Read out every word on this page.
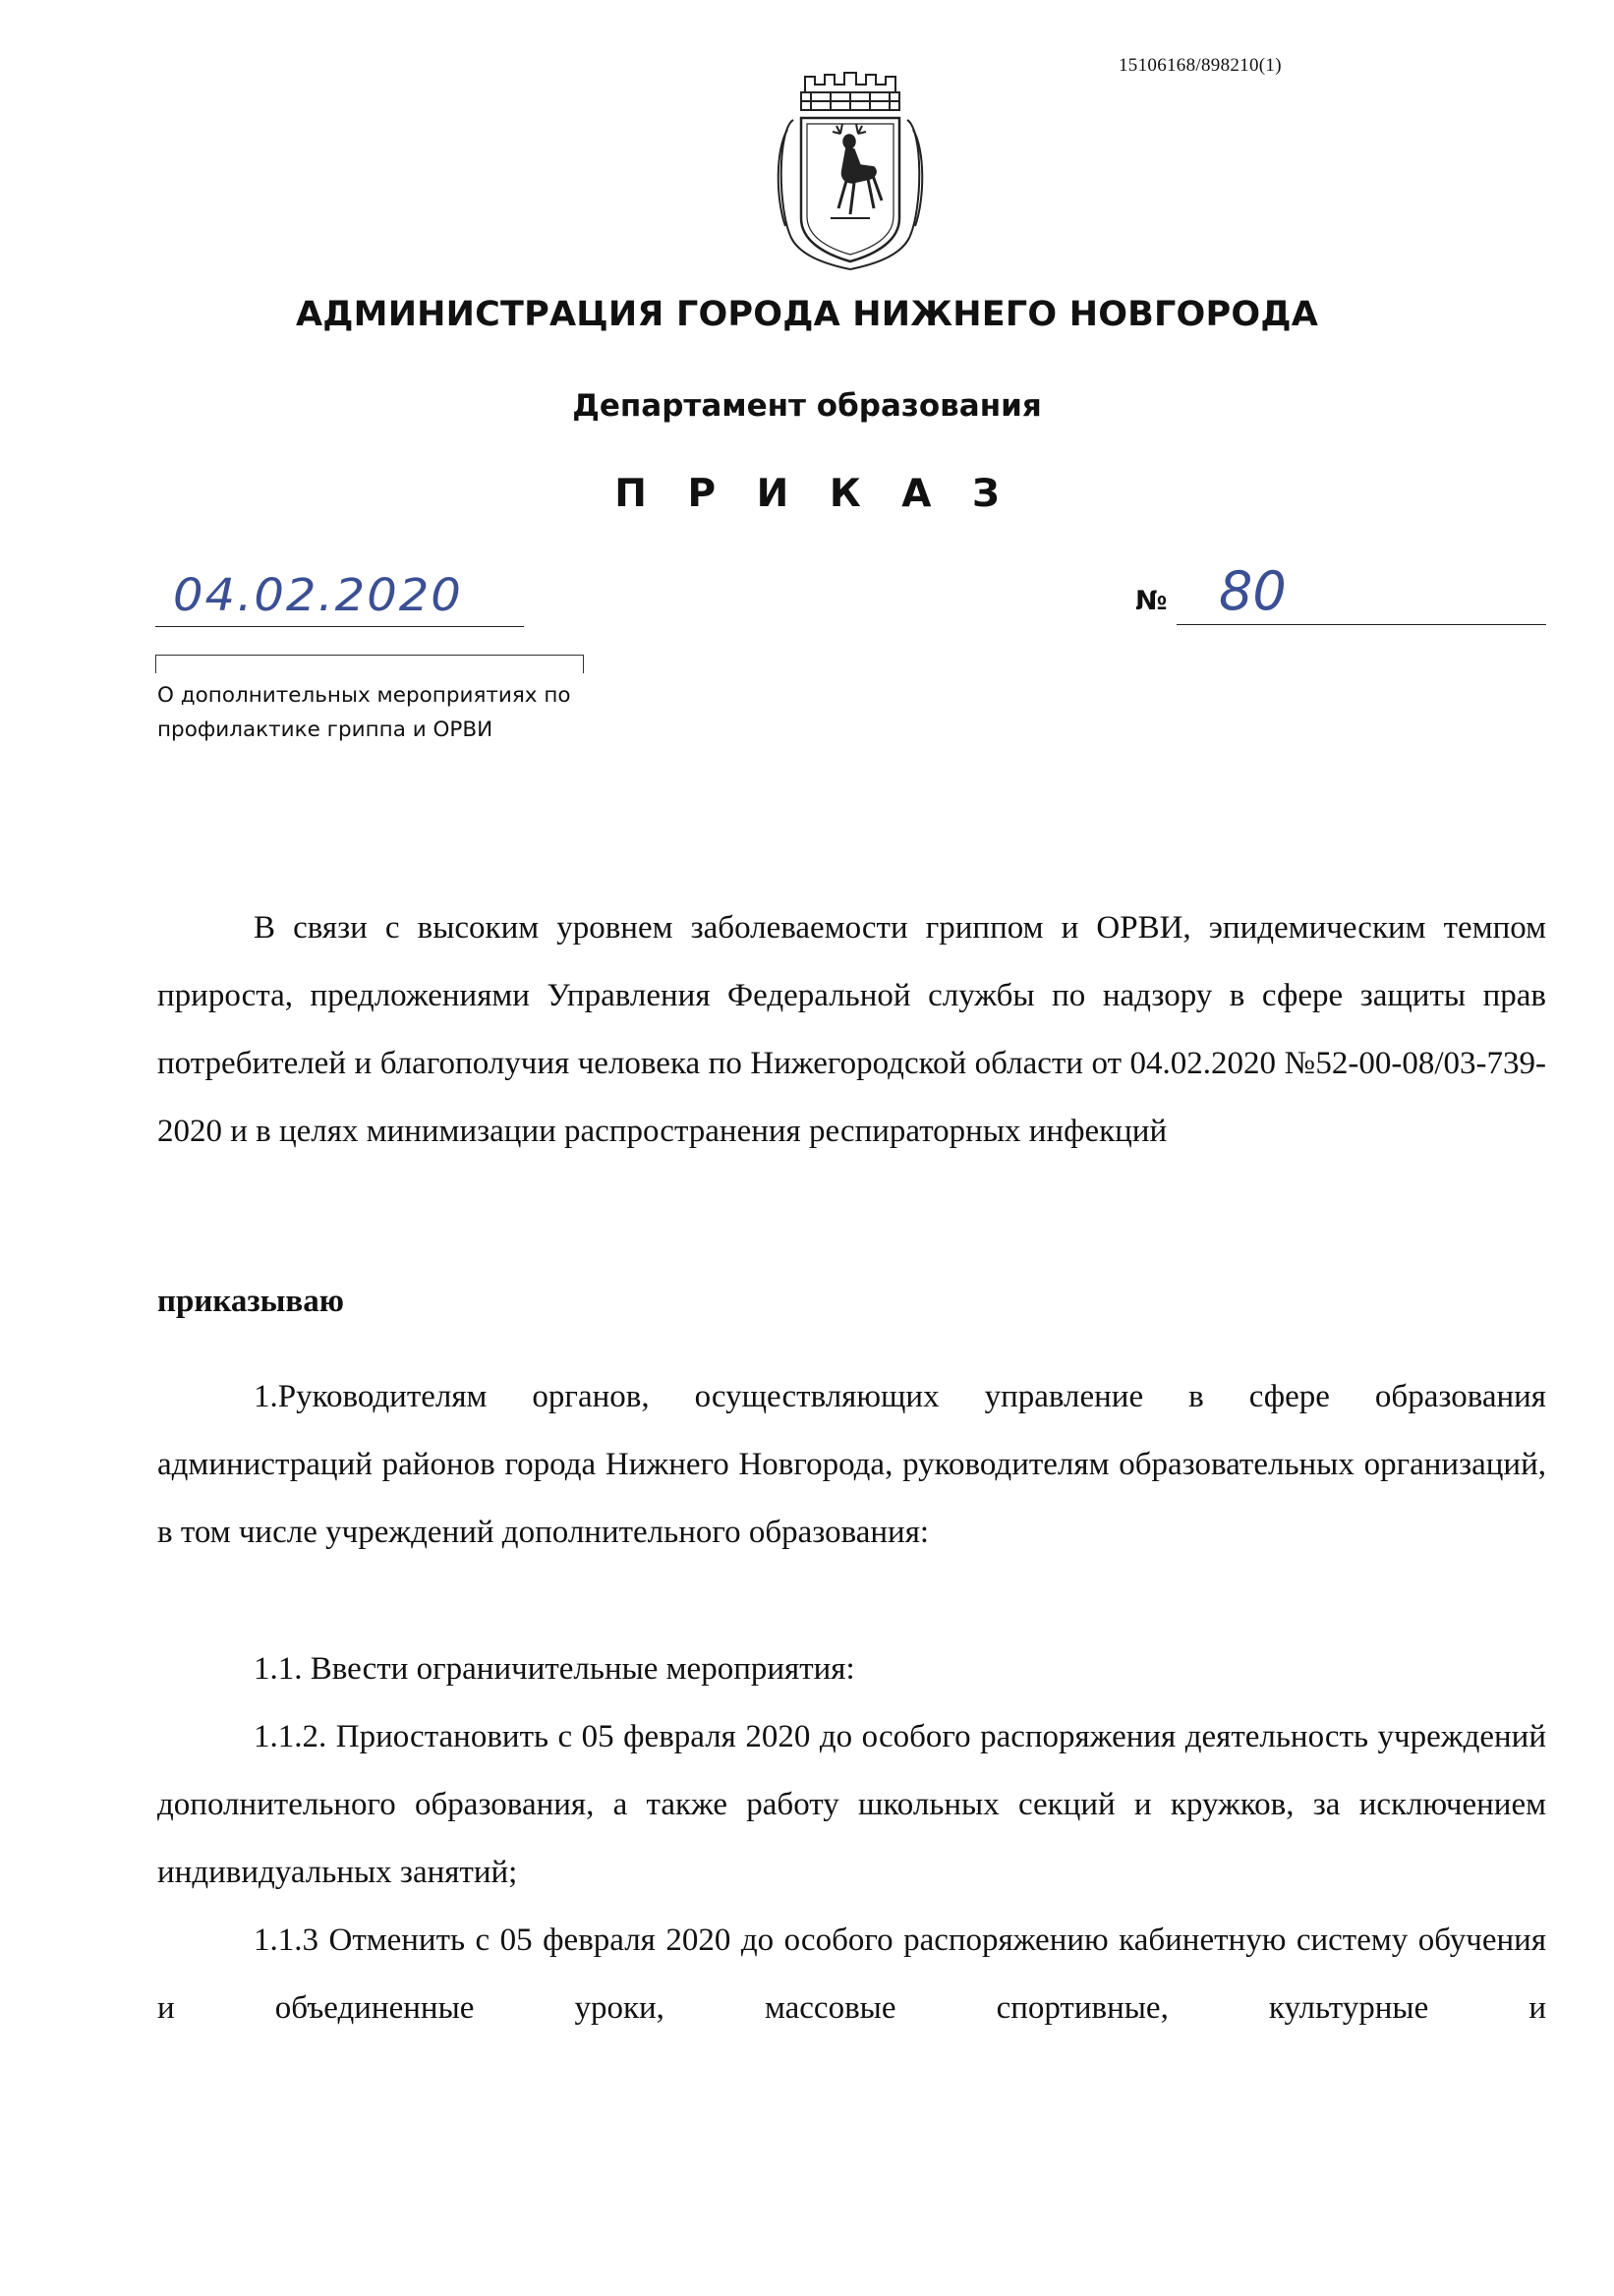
15106168/898210(1)
АДМИНИСТРАЦИЯ ГОРОДА НИЖНЕГО НОВГОРОДА
Департамент образования
П Р И К А З
04.02.2020	№ 80
О дополнительных мероприятиях по
профилактике гриппа и ОРВИ
В связи с высоким уровнем заболеваемости гриппом и ОРВИ, эпидемическим темпом прироста, предложениями Управления Федеральной службы по надзору в сфере защиты прав потребителей и благополучия человека по Нижегородской области от 04.02.2020 №52-00-08/03-739-2020 и в целях минимизации распространения респираторных инфекций
приказываю
1.Руководителям органов, осуществляющих управление в сфере образования администраций районов города Нижнего Новгорода, руководителям образовательных организаций, в том числе учреждений дополнительного образования:
1.1. Ввести ограничительные мероприятия:
1.1.2. Приостановить с 05 февраля 2020 до особого распоряжения деятельность учреждений дополнительного образования, а также работу школьных секций и кружков, за исключением индивидуальных занятий;
1.1.3 Отменить с 05 февраля 2020 до особого распоряжению кабинетную систему обучения и объединенные уроки, массовые спортивные, культурные и
